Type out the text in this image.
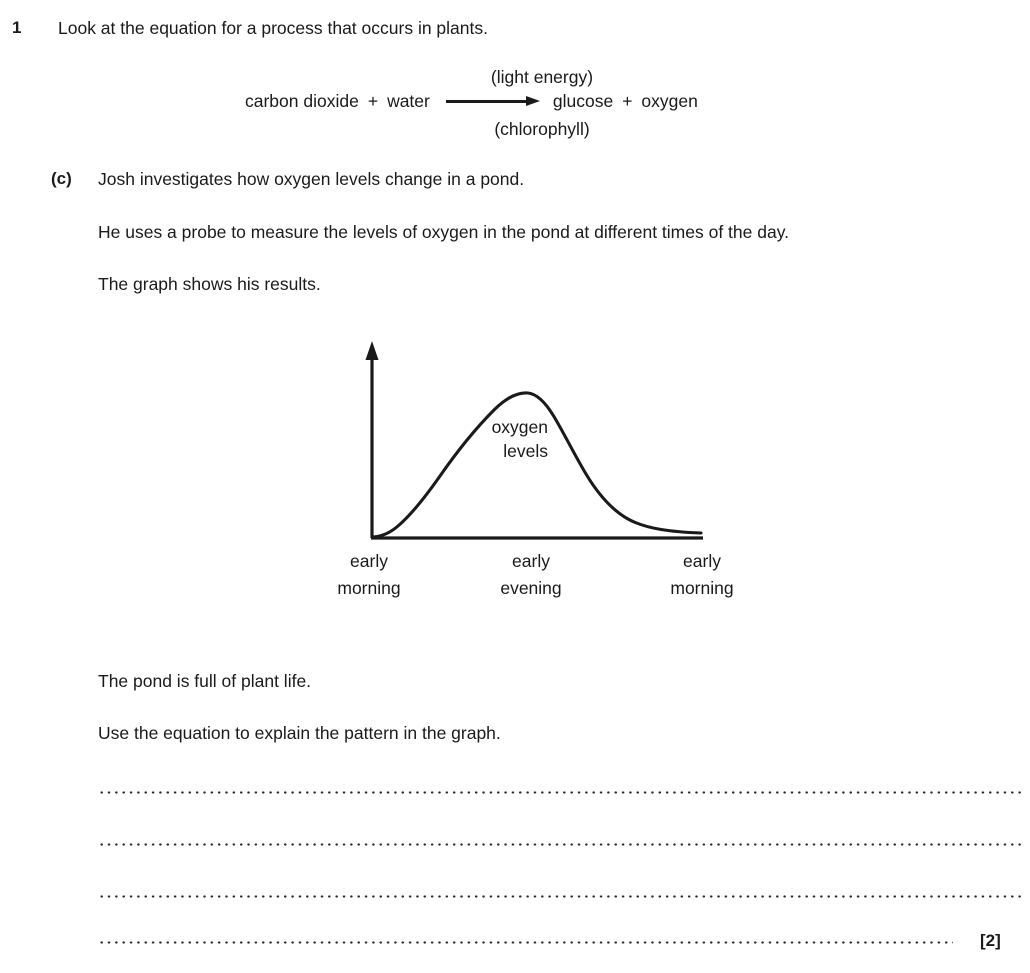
1 Look at the equation for a process that occurs in plants.
(light energy)
carbon dioxide + water	glucose + oxygen
(chlorophyll)
(c) Josh investigates how oxygen levels change in a pond.
He uses a probe to measure the levels of oxygen in the pond at different times of the day.
The graph shows his results.
oxygen
levels
early
morning
early
evening
early
morning
The pond is full of plant life.
Use the equation to explain the pattern in the graph.
[2]
